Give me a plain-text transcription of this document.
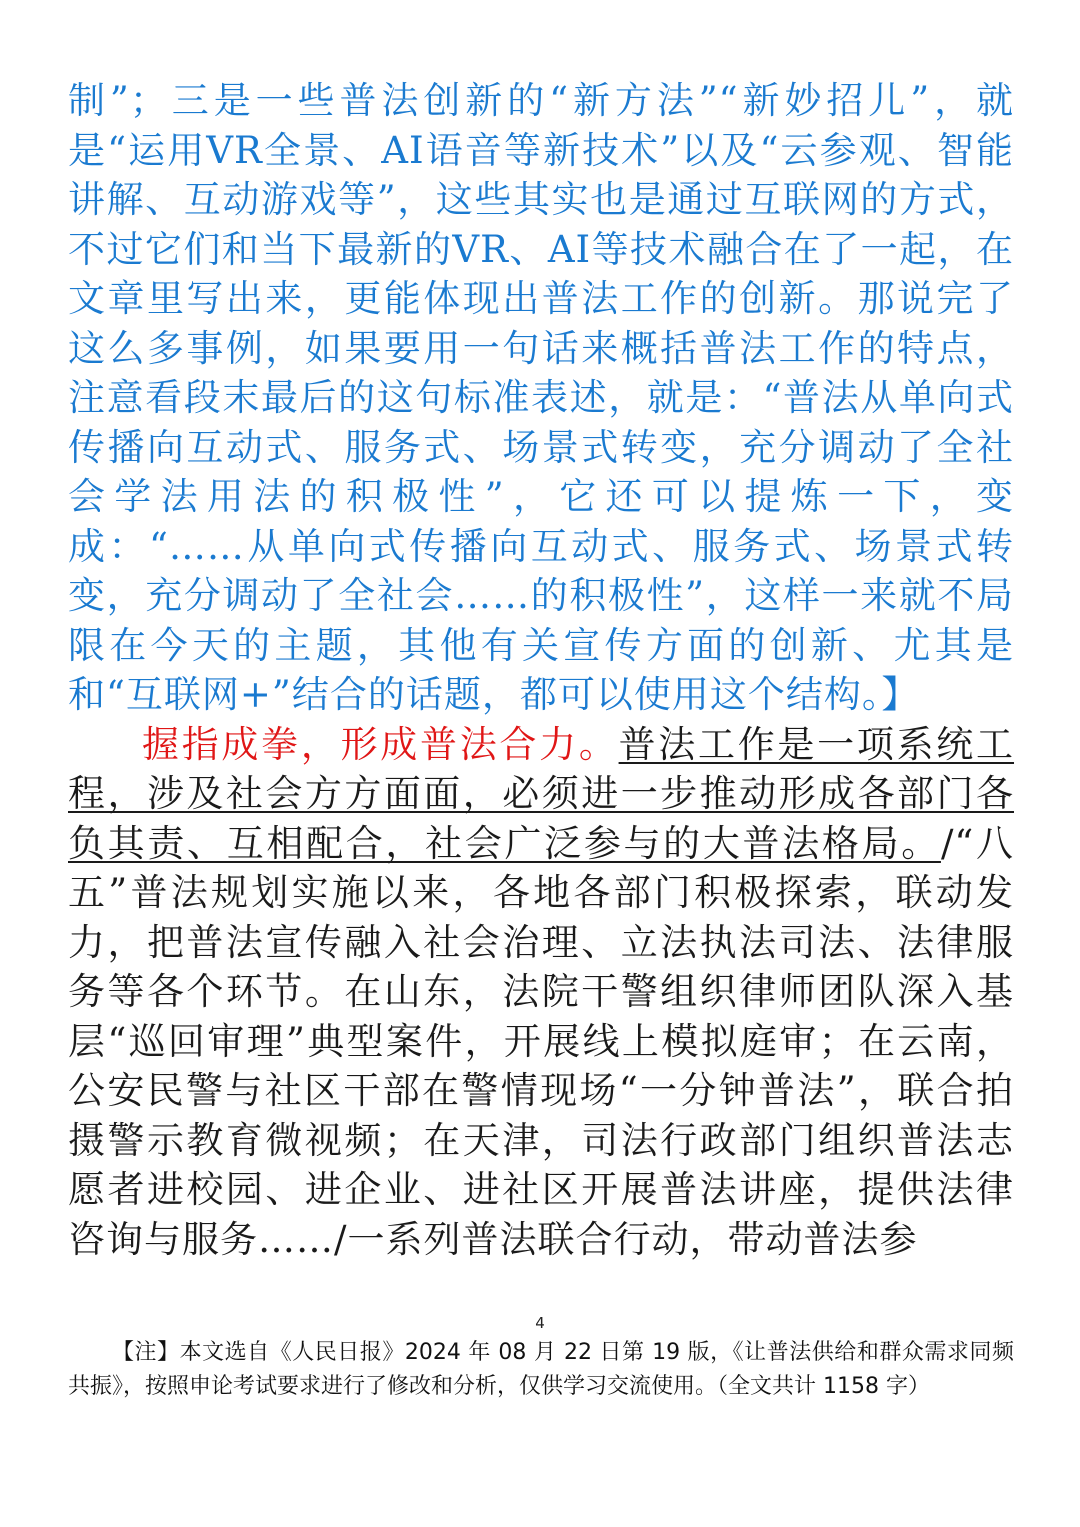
制”；三是一些普法创新的“新方法”“新妙招儿”，就是“运用VR全景、AI语音等新技术”以及“云参观、智能讲解、互动游戏等”，这些其实也是通过互联网的方式，不过它们和当下最新的VR、AI等技术融合在了一起，在文章里写出来，更能体现出普法工作的创新。那说完了这么多事例，如果要用一句话来概括普法工作的特点，注意看段末最后的这句标准表述，就是：“普法从单向式传播向互动式、服务式、场景式转变，充分调动了全社会学法用法的积极性”，它还可以提炼一下，变成：“……从单向式传播向互动式、服务式、场景式转变，充分调动了全社会……的积极性”，这样一来就不局限在今天的主题，其他有关宣传方面的创新、尤其是和“互联网+”结合的话题，都可以使用这个结构。】

握指成拳，形成普法合力。普法工作是一项系统工程，涉及社会方方面面，必须进一步推动形成各部门各负其责、互相配合，社会广泛参与的大普法格局。/“八五”普法规划实施以来，各地各部门积极探索，联动发力，把普法宣传融入社会治理、立法执法司法、法律服务等各个环节。在山东，法院干警组织律师团队深入基层“巡回审理”典型案件，开展线上模拟庭审；在云南，公安民警与社区干部在警情现场“一分钟普法”，联合拍摄警示教育微视频；在天津，司法行政部门组织普法志愿者进校园、进企业、进社区开展普法讲座，提供法律咨询与服务……/一系列普法联合行动，带动普法参

4
【注】本文选自《人民日报》2024 年 08 月 22 日第 19 版，《让普法供给和群众需求同频共振》，按照申论考试要求进行了修改和分析，仅供学习交流使用。（全文共计 1158 字）
